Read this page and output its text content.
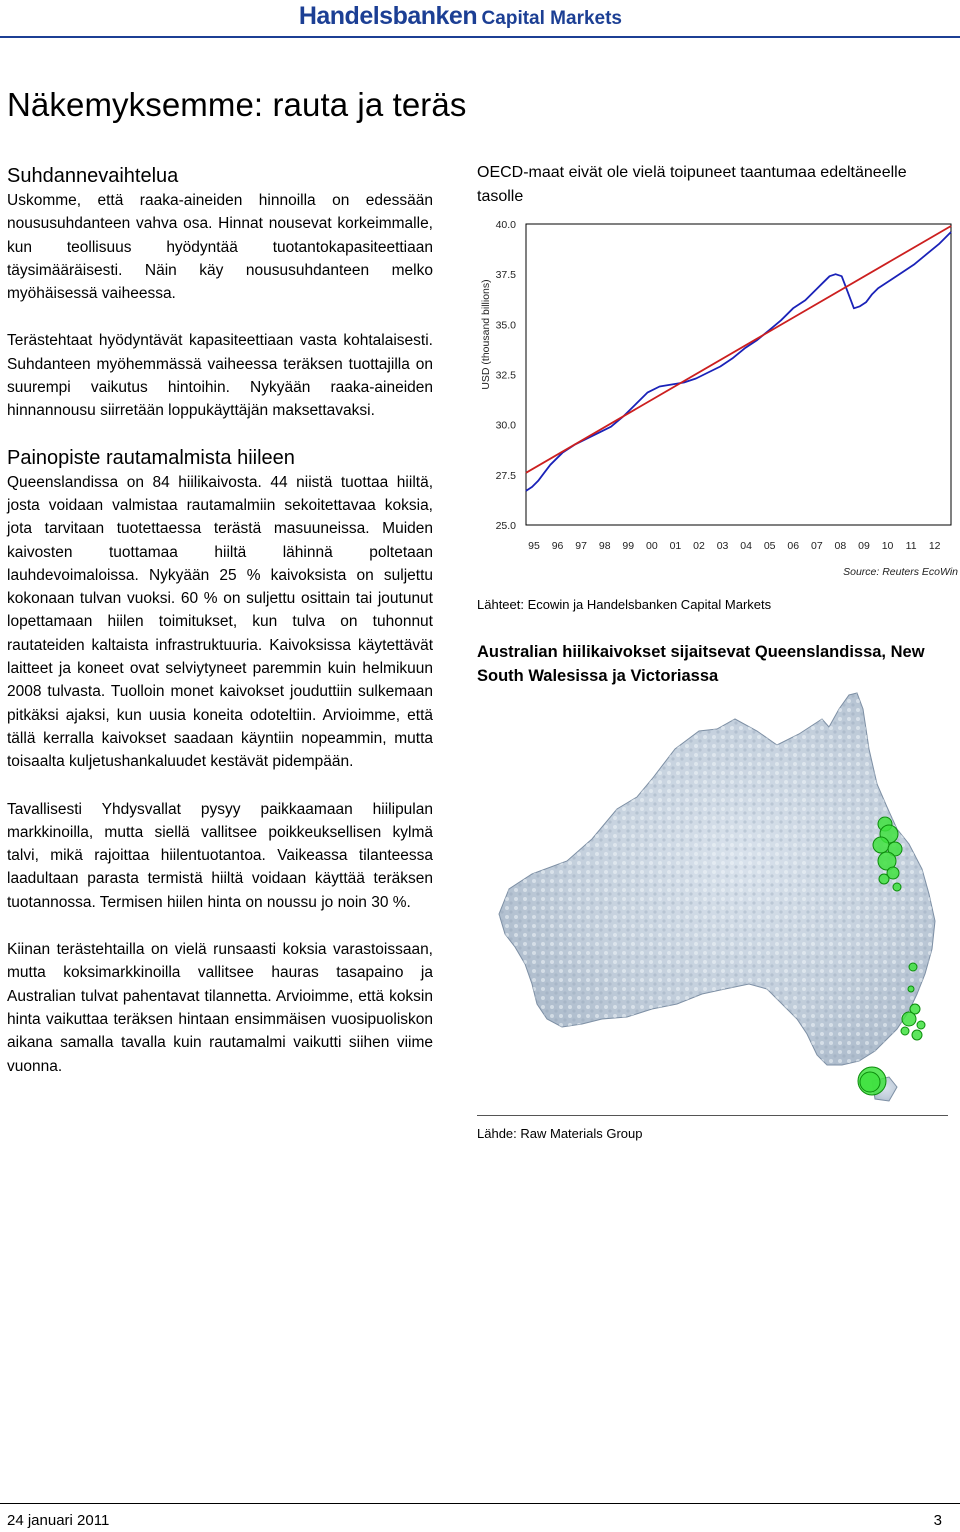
Handelsbanken Capital Markets
Näkemyksemme: rauta ja teräs
Suhdannevaihtelua

Uskomme, että raaka-aineiden hinnoilla on edessään noususuhdanteen vahva osa. Hinnat nousevat korkeimmalle, kun teollisuus hyödyntää tuotantokapasiteettiaan täysimääräisesti. Näin käy noususuhdanteen melko myöhäisessä vaiheessa.

Terästehtaat hyödyntävät kapasiteettiaan vasta kohtalaisesti. Suhdanteen myöhemmässä vaiheessa teräksen tuottajilla on suurempi vaikutus hintoihin. Nykyään raaka-aineiden hinnannousu siirretään loppukäyttäjän maksettavaksi.

Painopiste rautamalmista hiileen

Queenslandissa on 84 hiilikaivosta. 44 niistä tuottaa hiiltä, josta voidaan valmistaa rautamalmiin sekoitettavaa koksia, jota tarvitaan tuotettaessa terästä masuuneissa. Muiden kaivosten tuottamaa hiiltä lähinnä poltetaan lauhdevoimaloissa. Nykyään 25 % kaivoksista on suljettu kokonaan tulvan vuoksi. 60 % on suljettu osittain tai joutunut lopettamaan hiilen toimitukset, kun tulva on tuhonnut rautateiden kaltaista infrastruktuuria. Kaivoksissa käytettävät laitteet ja koneet ovat selviytyneet paremmin kuin helmikuun 2008 tulvasta. Tuolloin monet kaivokset jouduttiin sulkemaan pitkäksi ajaksi, kun uusia koneita odoteltiin. Arvioimme, että tällä kerralla kaivokset saadaan käyntiin nopeammin, mutta toisaalta kuljetushankaluudet kestävät pidempään.

Tavallisesti Yhdysvallat pysyy paikkaamaan hiilipulan markkinoilla, mutta siellä vallitsee poikkeuksellisen kylmä talvi, mikä rajoittaa hiilentuotantoa. Vaikeassa tilanteessa laadultaan parasta termistä hiiltä voidaan käyttää teräksen tuotannossa. Termisen hiilen hinta on noussu jo noin 30 %.

Kiinan terästehtailla on vielä runsaasti koksia varastoissaan, mutta koksimarkkinoilla vallitsee hauras tasapaino ja Australian tulvat pahentavat tilannetta. Arvioimme, että koksin hinta vaikuttaa teräksen hintaan ensimmäisen vuosipuoliskon aikana samalla tavalla kuin rautamalmi vaikutti siihen viime vuonna.

OECD-maat eivät ole vielä toipuneet taantumaa edeltäneelle tasolle
40.0
37.5
35.0
32.5
30.0
27.5
25.0
95 96 97 98 99 00 01 02 03 04 05 06 07 08 09 10 11 12
USD (thousand billions)
Source: Reuters EcoWin
Lähteet: Ecowin ja Handelsbanken Capital Markets
Australian hiilikaivokset sijaitsevat Queenslandissa, New South Walesissa ja Victoriassa
Lähde: Raw Materials Group
24 januari 2011	3
